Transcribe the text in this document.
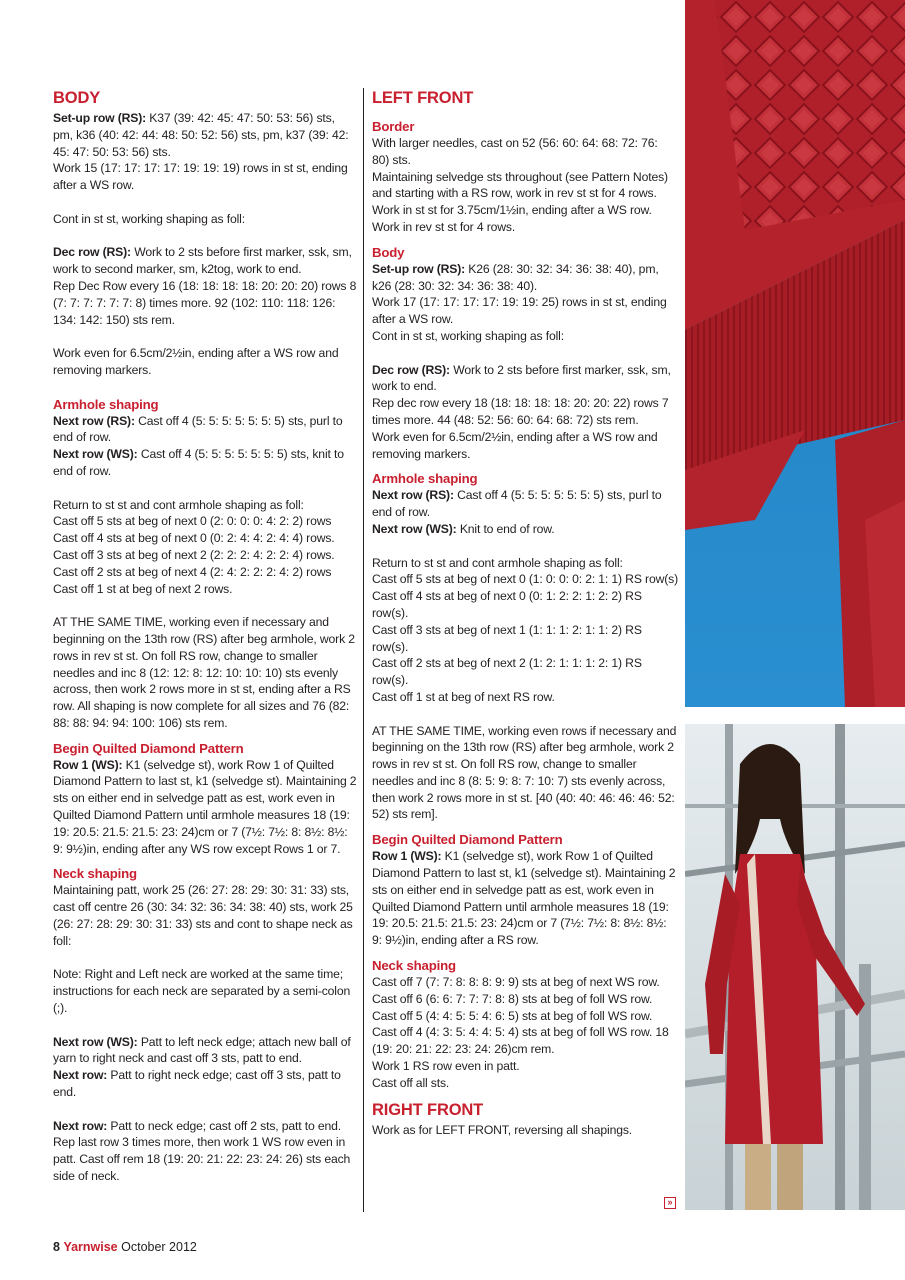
BODY

Set-up row (RS): K37 (39: 42: 45: 47: 50: 53: 56) sts, pm, k36 (40: 42: 44: 48: 50: 52: 56) sts, pm, k37 (39: 42: 45: 47: 50: 53: 56) sts.

Work 15 (17: 17: 17: 17: 19: 19: 19) rows in st st, ending after a WS row.

Cont in st st, working shaping as foll:

Dec row (RS): Work to 2 sts before first marker, ssk, sm, work to second marker, sm, k2tog, work to end.

Rep Dec Row every 16 (18: 18: 18: 18: 20: 20: 20) rows 8 (7: 7: 7: 7: 7: 7: 8) times more. 92 (102: 110: 118: 126: 134: 142: 150) sts rem.

Work even for 6.5cm/2½in, ending after a WS row and removing markers.

Armhole shaping

Next row (RS): Cast off 4 (5: 5: 5: 5: 5: 5: 5) sts, purl to end of row.

Next row (WS): Cast off 4 (5: 5: 5: 5: 5: 5: 5) sts, knit to end of row.

Return to st st and cont armhole shaping as foll:

Cast off 5 sts at beg of next 0 (2: 0: 0: 0: 4: 2: 2) rows

Cast off 4 sts at beg of next 0 (0: 2: 4: 4: 2: 4: 4) rows.

Cast off 3 sts at beg of next 2 (2: 2: 2: 4: 2: 2: 4) rows.

Cast off 2 sts at beg of next 4 (2: 4: 2: 2: 2: 4: 2) rows

Cast off 1 st at beg of next 2 rows.

AT THE SAME TIME, working even if necessary and beginning on the 13th row (RS) after beg armhole, work 2 rows in rev st st. On foll RS row, change to smaller needles and inc 8 (12: 12: 8: 12: 10: 10: 10) sts evenly across, then work 2 rows more in st st, ending after a RS row. All shaping is now complete for all sizes and 76 (82: 88: 88: 94: 94: 100: 106) sts rem.

Begin Quilted Diamond Pattern

Row 1 (WS): K1 (selvedge st), work Row 1 of Quilted Diamond Pattern to last st, k1 (selvedge st). Maintaining 2 sts on either end in selvedge patt as est, work even in Quilted Diamond Pattern until armhole measures 18 (19: 19: 20.5: 21.5: 21.5: 23: 24)cm or 7 (7½: 7½: 8: 8½: 8½: 9: 9½)in, ending after any WS row except Rows 1 or 7.

Neck shaping

Maintaining patt, work 25 (26: 27: 28: 29: 30: 31: 33) sts, cast off centre 26 (30: 34: 32: 36: 34: 38: 40) sts, work 25 (26: 27: 28: 29: 30: 31: 33) sts and cont to shape neck as foll:

Note: Right and Left neck are worked at the same time; instructions for each neck are separated by a semi-colon (;).

Next row (WS): Patt to left neck edge; attach new ball of yarn to right neck and cast off 3 sts, patt to end.

Next row: Patt to right neck edge; cast off 3 sts, patt to end.

Next row: Patt to neck edge; cast off 2 sts, patt to end. Rep last row 3 times more, then work 1 WS row even in patt. Cast off rem 18 (19: 20: 21: 22: 23: 24: 26) sts each side of neck.

LEFT FRONT
Border

With larger needles, cast on 52 (56: 60: 64: 68: 72: 76: 80) sts.

Maintaining selvedge sts throughout (see Pattern Notes) and starting with a RS row, work in rev st st for 4 rows.

Work in st st for 3.75cm/1½in, ending after a WS row.

Work in rev st st for 4 rows.

Body

Set-up row (RS): K26 (28: 30: 32: 34: 36: 38: 40), pm, k26 (28: 30: 32: 34: 36: 38: 40).

Work 17 (17: 17: 17: 17: 19: 19: 25) rows in st st, ending after a WS row.

Cont in st st, working shaping as foll:

Dec row (RS): Work to 2 sts before first marker, ssk, sm, work to end.

Rep dec row every 18 (18: 18: 18: 18: 20: 20: 22) rows 7 times more. 44 (48: 52: 56: 60: 64: 68: 72) sts rem.

Work even for 6.5cm/2½in, ending after a WS row and removing markers.

Armhole shaping

Next row (RS): Cast off 4 (5: 5: 5: 5: 5: 5: 5) sts, purl to end of row.

Next row (WS): Knit to end of row.

Return to st st and cont armhole shaping as foll:

Cast off 5 sts at beg of next 0 (1: 0: 0: 0: 2: 1: 1) RS row(s)

Cast off 4 sts at beg of next 0 (0: 1: 2: 2: 1: 2: 2) RS row(s).

Cast off 3 sts at beg of next 1 (1: 1: 1: 2: 1: 1: 2) RS row(s).

Cast off 2 sts at beg of next 2 (1: 2: 1: 1: 1: 2: 1) RS row(s).

Cast off 1 st at beg of next RS row.

AT THE SAME TIME, working even rows if necessary and beginning on the 13th row (RS) after beg armhole, work 2 rows in rev st st. On foll RS row, change to smaller needles and inc 8 (8: 5: 9: 8: 7: 10: 7) sts evenly across, then work 2 rows more in st st. [40 (40: 40: 46: 46: 46: 52: 52) sts rem].

Begin Quilted Diamond Pattern

Row 1 (WS): K1 (selvedge st), work Row 1 of Quilted Diamond Pattern to last st, k1 (selvedge st). Maintaining 2 sts on either end in selvedge patt as est, work even in Quilted Diamond Pattern until armhole measures 18 (19: 19: 20.5: 21.5: 21.5: 23: 24)cm or 7 (7½: 7½: 8: 8½: 8½: 9: 9½)in, ending after a RS row.

Neck shaping

Cast off 7 (7: 7: 8: 8: 8: 9: 9) sts at beg of next WS row.

Cast off 6 (6: 6: 7: 7: 7: 8: 8) sts at beg of foll WS row.

Cast off 5 (4: 4: 5: 5: 4: 6: 5) sts at beg of foll WS row.

Cast off 4 (4: 3: 5: 4: 4: 5: 4) sts at beg of foll WS row. 18 (19: 20: 21: 22: 23: 24: 26)cm rem.

Work 1 RS row even in patt.

Cast off all sts.

RIGHT FRONT

Work as for LEFT FRONT, reversing all shapings.

»
8 Yarnwise October 2012
